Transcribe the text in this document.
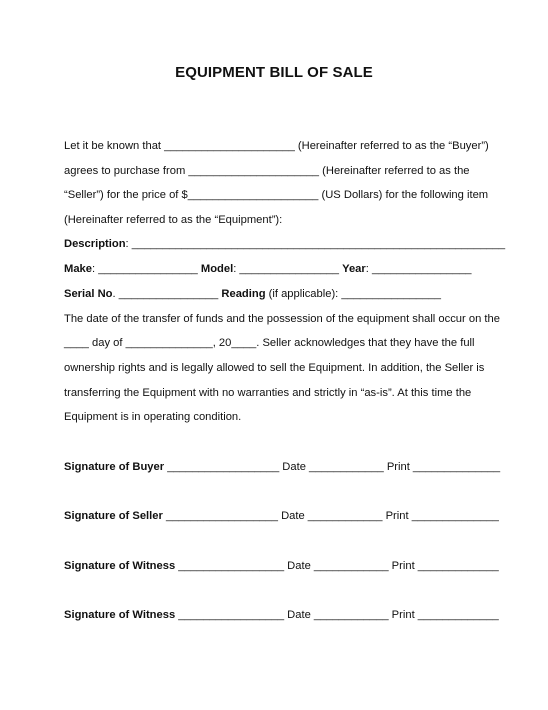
EQUIPMENT BILL OF SALE
Let it be known that _____________________ (Hereinafter referred to as the “Buyer”)
agrees to purchase from _____________________ (Hereinafter referred to as the
“Seller”) for the price of $_____________________ (US Dollars) for the following item
(Hereinafter referred to as the “Equipment”):
Description: ____________________________________________________________
Make: ________________ Model: ________________ Year: ________________
Serial No. ________________ Reading (if applicable): ________________
The date of the transfer of funds and the possession of the equipment shall occur on the
____ day of ______________, 20____. Seller acknowledges that they have the full
ownership rights and is legally allowed to sell the Equipment. In addition, the Seller is
transferring the Equipment with no warranties and strictly in “as-is”. At this time the
Equipment is in operating condition.
Signature of Buyer __________________ Date ____________ Print ______________
Signature of Seller __________________ Date ____________ Print ______________
Signature of Witness _________________ Date ____________ Print _____________
Signature of Witness _________________ Date ____________ Print _____________
